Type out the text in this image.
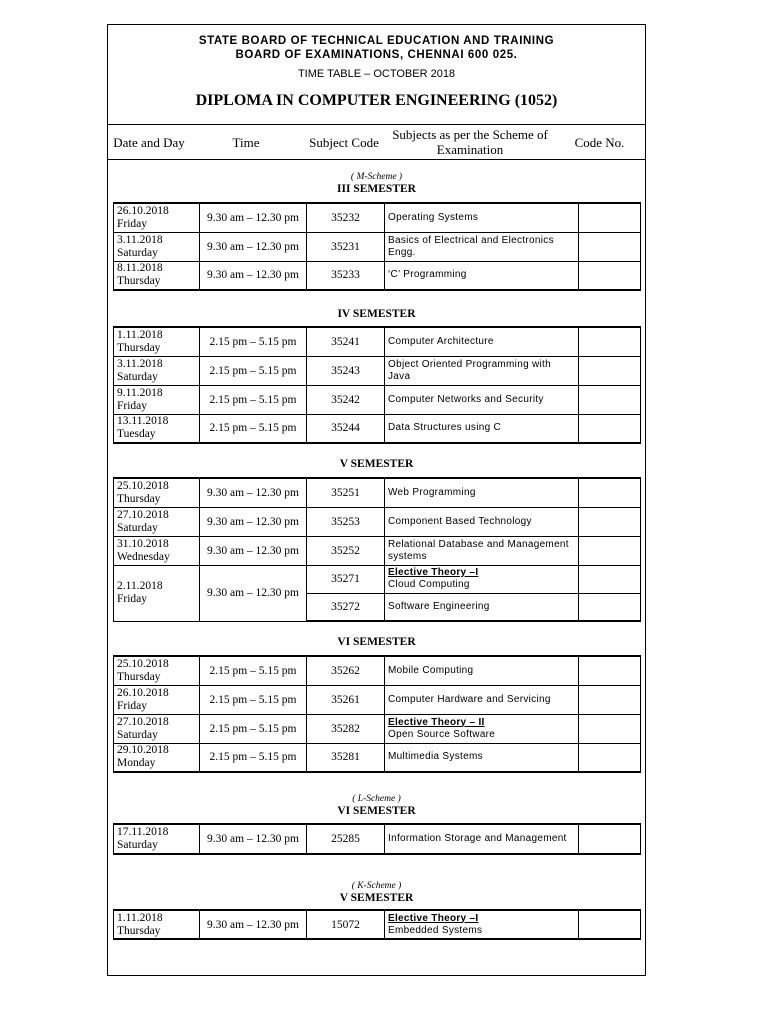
STATE BOARD OF TECHNICAL EDUCATION AND TRAINING
BOARD OF EXAMINATIONS, CHENNAI 600 025.
TIME TABLE – OCTOBER 2018
DIPLOMA IN COMPUTER ENGINEERING (1052)
Date and Day	Time	Subject Code	Subjects as per the Scheme of Examination	Code No.
( M-Scheme )
III SEMESTER
26.10.2018
Friday	9.30 am – 12.30 pm	35232	Operating Systems	
3.11.2018
Saturday	9.30 am – 12.30 pm	35231	Basics of Electrical and Electronics Engg.	
8.11.2018
Thursday	9.30 am – 12.30 pm	35233	‘C’ Programming	
IV SEMESTER
1.11.2018
Thursday	2.15 pm – 5.15 pm	35241	Computer Architecture	
3.11.2018
Saturday	2.15 pm – 5.15 pm	35243	Object Oriented Programming with Java	
9.11.2018
Friday	2.15 pm – 5.15 pm	35242	Computer Networks and Security	
13.11.2018
Tuesday	2.15 pm – 5.15 pm	35244	Data Structures using C	
V SEMESTER
25.10.2018
Thursday	9.30 am – 12.30 pm	35251	Web Programming	
27.10.2018
Saturday	9.30 am – 12.30 pm	35253	Component Based Technology	
31.10.2018
Wednesday	9.30 am – 12.30 pm	35252	Relational Database and Management systems	
2.11.2018
Friday	9.30 am – 12.30 pm	35271	Elective Theory –I
Cloud Computing	
		35272	Software Engineering	
VI SEMESTER
25.10.2018
Thursday	2.15 pm – 5.15 pm	35262	Mobile Computing	
26.10.2018
Friday	2.15 pm – 5.15 pm	35261	Computer Hardware and Servicing	
27.10.2018
Saturday	2.15 pm – 5.15 pm	35282	Elective Theory – II
Open Source Software	
29.10.2018
Monday	2.15 pm – 5.15 pm	35281	Multimedia Systems	
( L-Scheme )
VI SEMESTER
17.11.2018
Saturday	9.30 am – 12.30 pm	25285	Information Storage and Management	
( K-Scheme )
V SEMESTER
1.11.2018
Thursday	9.30 am – 12.30 pm	15072	
Elective Theory –I
Embedded Systems	
